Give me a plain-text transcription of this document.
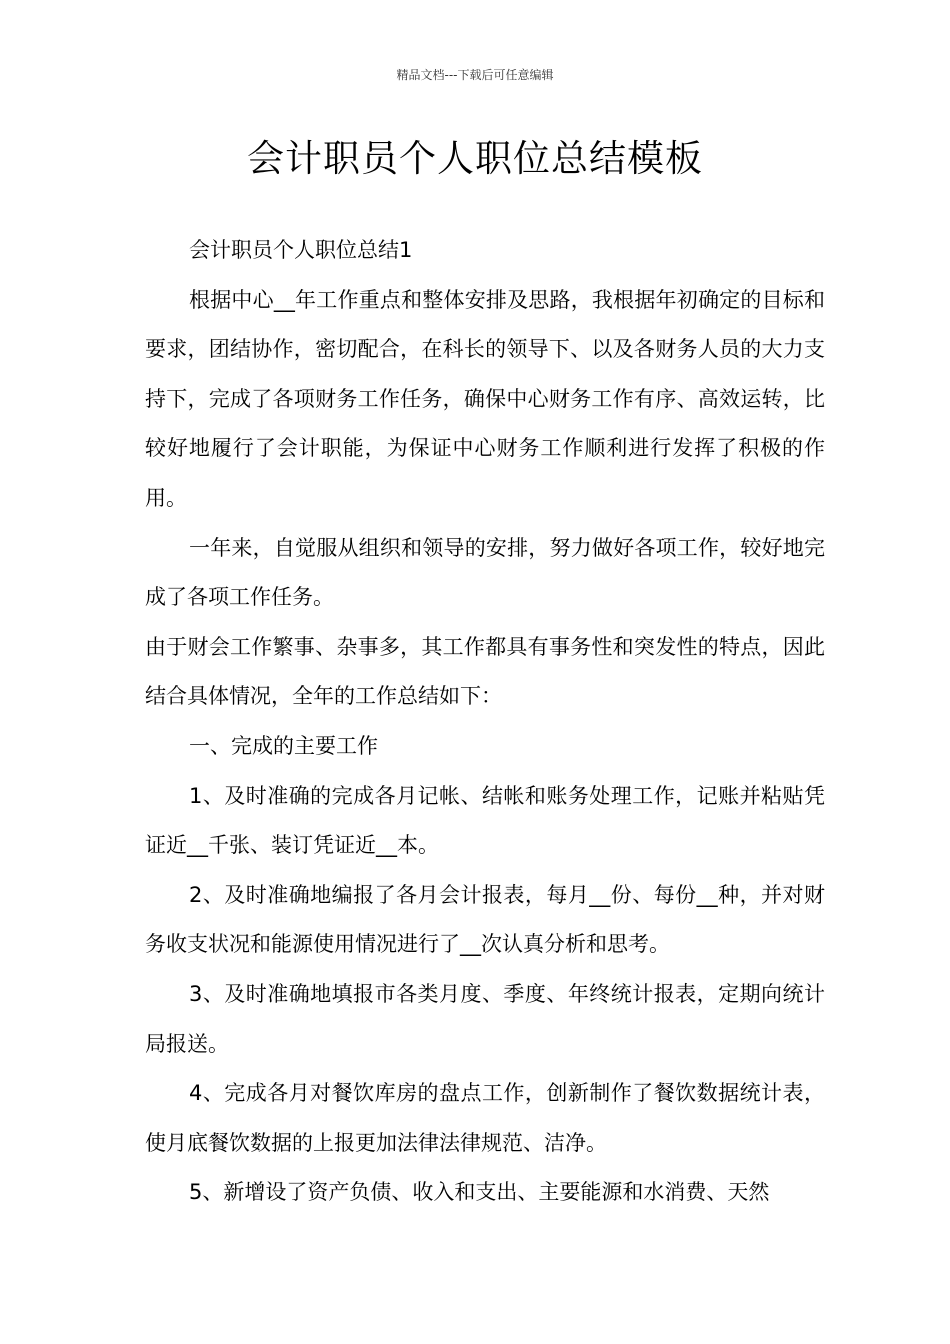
精品文档---下载后可任意编辑
会计职员个人职位总结模板

会计职员个人职位总结1

根据中心__年工作重点和整体安排及思路，我根据年初确定的目标和要求，团结协作，密切配合，在科长的领导下、以及各财务人员的大力支持下，完成了各项财务工作任务，确保中心财务工作有序、高效运转，比较好地履行了会计职能，为保证中心财务工作顺利进行发挥了积极的作用。

一年来，自觉服从组织和领导的安排，努力做好各项工作，较好地完成了各项工作任务。

由于财会工作繁事、杂事多，其工作都具有事务性和突发性的特点，因此结合具体情况，全年的工作总结如下：

一、完成的主要工作

1、及时准确的完成各月记帐、结帐和账务处理工作，记账并粘贴凭证近__千张、装订凭证近__本。

2、及时准确地编报了各月会计报表，每月__份、每份__种，并对财务收支状况和能源使用情况进行了__次认真分析和思考。

3、及时准确地填报市各类月度、季度、年终统计报表，定期向统计局报送。

4、完成各月对餐饮库房的盘点工作，创新制作了餐饮数据统计表，使月底餐饮数据的上报更加法律法律规范、洁净。

5、新增设了资产负债、收入和支出、主要能源和水消费、天然
